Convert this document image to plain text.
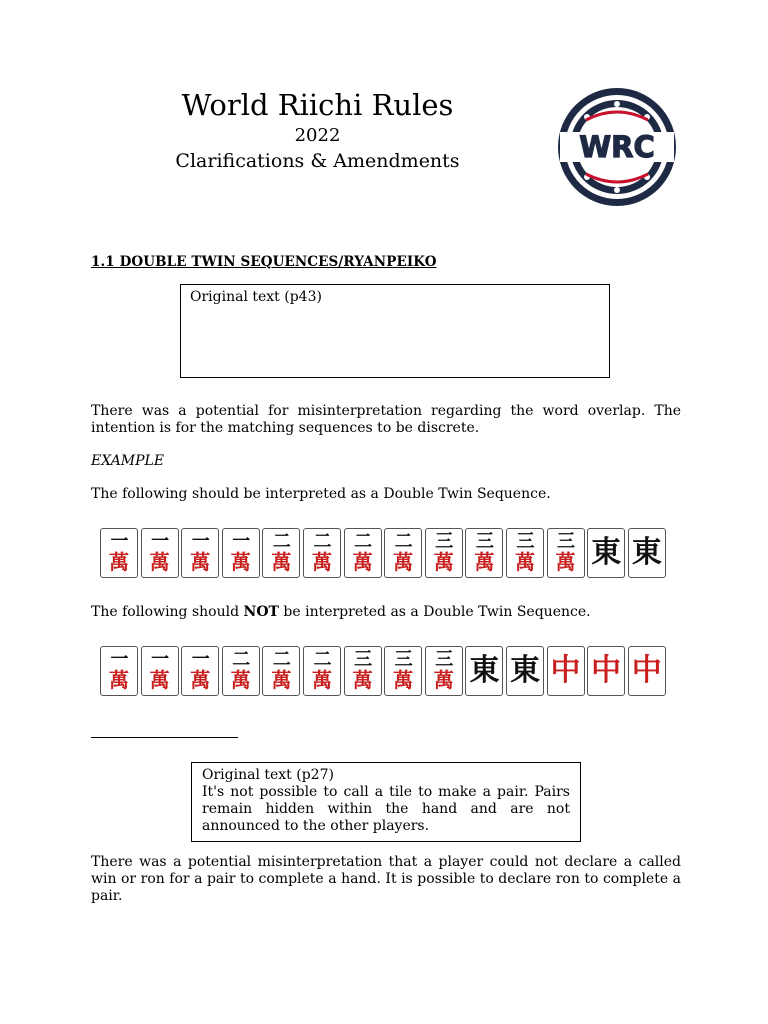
World Riichi Rules
2022
Clarifications & Amendments	WRC
1.1 DOUBLE TWIN SEQUENCES/RYANPEIKO
Original text (p43)
There was a potential for misinterpretation regarding the word overlap. The intention is for the matching sequences to be discrete.
EXAMPLE
The following should be interpreted as a Double Twin Sequence.
一
萬
一
萬
一
萬
一
萬
二
萬
二
萬
二
萬
二
萬
三
萬
三
萬
三
萬
三
萬 東 東
The following should NOT be interpreted as a Double Twin Sequence.
一
萬
一
萬
一
萬
二
萬
二
萬
二
萬
三
萬
三
萬
三
萬 東 東 中 中 中
Original text (p27)
It's not possible to call a tile to make a pair. Pairs remain hidden within the hand and are not announced to the other players.
There was a potential misinterpretation that a player could not declare a called win or ron for a pair to complete a hand. It is possible to declare ron to complete a pair.
